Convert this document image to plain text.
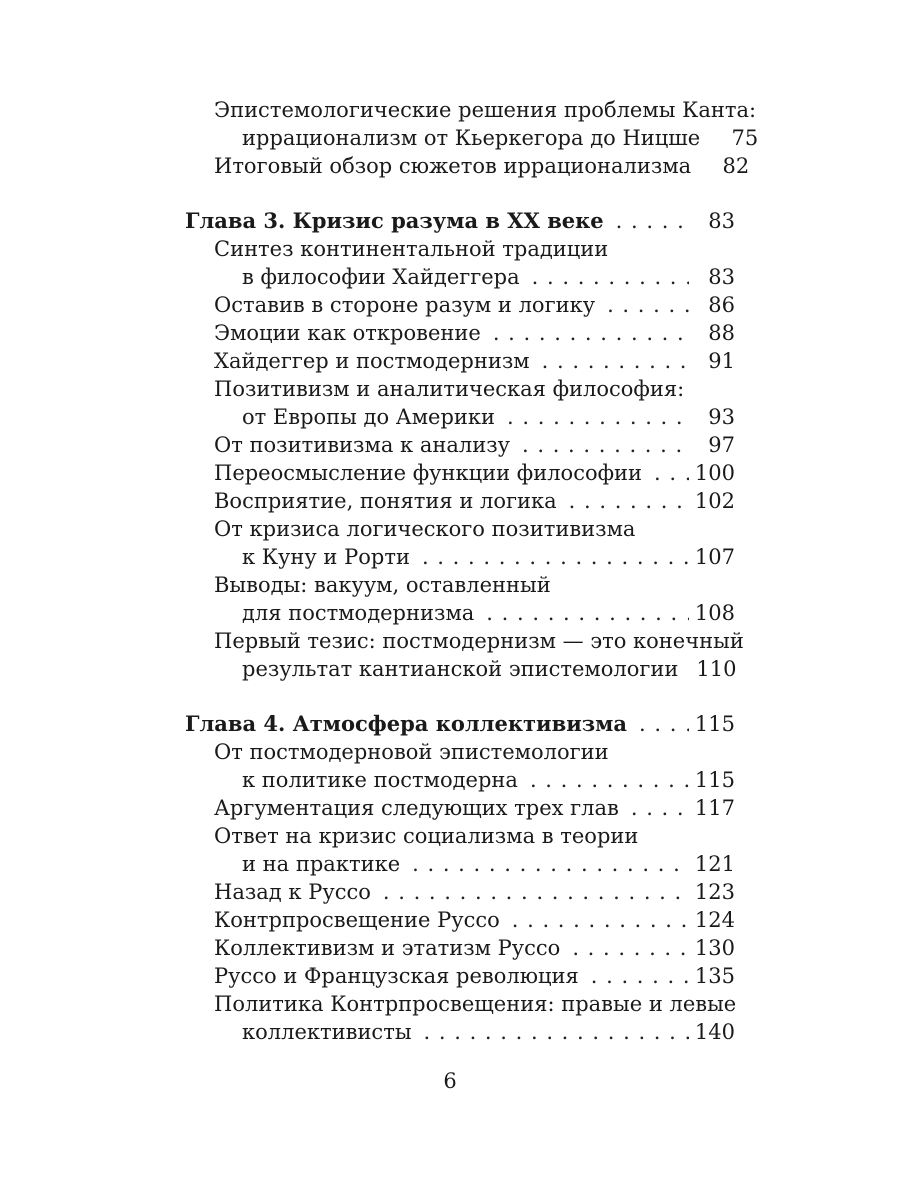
Эпистемологические решения проблемы Канта:
иррационализм от Кьеркегора до Ницше	75
Итоговый обзор сюжетов иррационализма	82
Глава 3. Кризис разума в XX веке . . .	83
Синтез континентальной традиции
в философии Хайдеггера . . .	83
Оставив в стороне разум и логику . . .	86
Эмоции как откровение . . .	88
Хайдеггер и постмодернизм . . .	91
Позитивизм и аналитическая философия:
от Европы до Америки . . .	93
От позитивизма к анализу . . .	97
Переосмысление функции философии . . .	100
Восприятие, понятия и логика . . .	102
От кризиса логического позитивизма
к Куну и Рорти . . .	107
Выводы: вакуум, оставленный
для постмодернизма . . .	108
Первый тезис: постмодернизм — это конечный
результат кантианской эпистемологии 110
Глава 4. Атмосфера коллективизма . . .	115
От постмодерновой эпистемологии
к политике постмодерна . . .	115
Аргументация следующих трех глав . . .	117
Ответ на кризис социализма в теории
и на практике . . .	121
Назад к Руссо . . .	123
Контрпросвещение Руссо . . .	124
Коллективизм и этатизм Руссо . . .	130
Руссо и Французская революция . . .	135
Политика Контрпросвещения: правые и левые
коллективисты . . .	140
6
